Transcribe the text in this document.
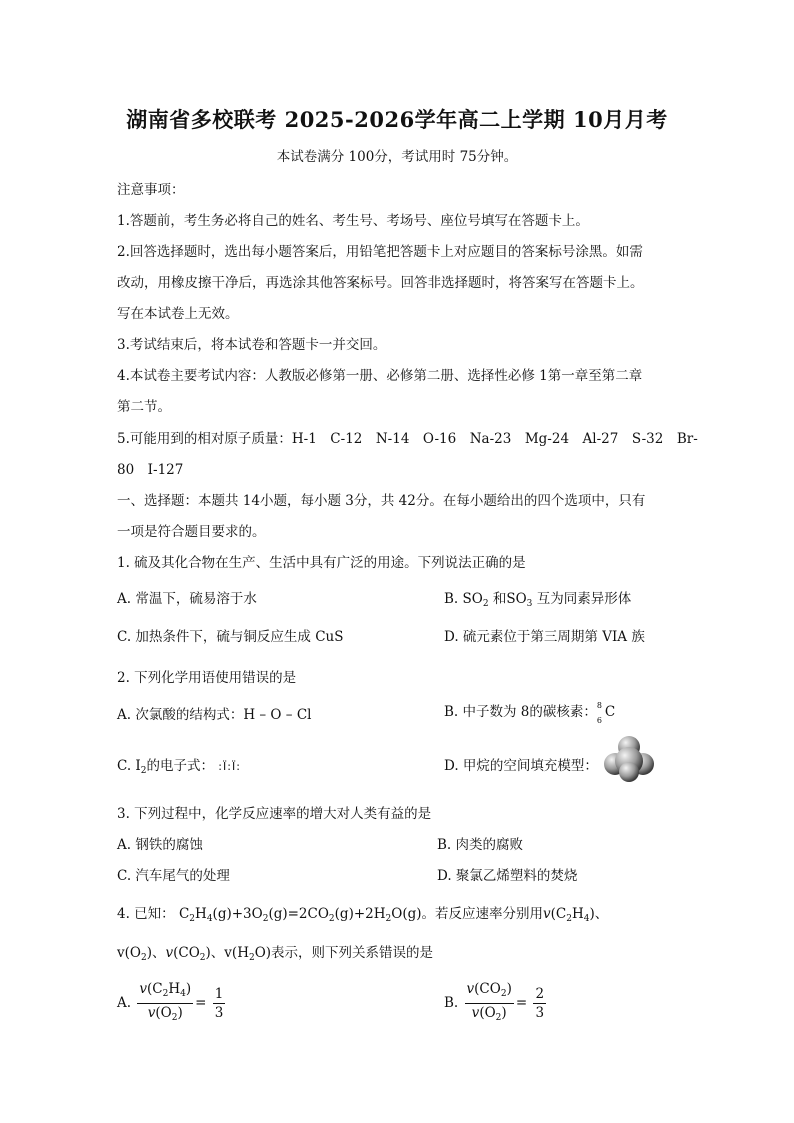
湖南省多校联考 2025-2026学年高二上学期 10月月考
本试卷满分 100分，考试用时 75分钟。
注意事项：
1.答题前，考生务必将自己的姓名、考生号、考场号、座位号填写在答题卡上。
2.回答选择题时，选出每小题答案后，用铅笔把答题卡上对应题目的答案标号涂黑。如需
改动，用橡皮擦干净后，再选涂其他答案标号。回答非选择题时，将答案写在答题卡上。
写在本试卷上无效。
3.考试结束后，将本试卷和答题卡一并交回。
4.本试卷主要考试内容：人教版必修第一册、必修第二册、选择性必修 1第一章至第二章
第二节。
5.可能用到的相对原子质量：H-1　C-12　N-14　O-16　Na-23　Mg-24　Al-27　S-32　Br-
80　I-127
一、选择题：本题共 14小题，每小题 3分，共 42分。在每小题给出的四个选项中，只有
一项是符合题目要求的。
1. 硫及其化合物在生产、生活中具有广泛的用途。下列说法正确的是
A. 常温下，硫易溶于水	B. $SO_2$ 和$SO_3$ 互为同素异形体
C. 加热条件下，硫与铜反应生成 CuS	D. 硫元素位于第三周期第 VIA 族
2. 下列化学用语使用错误的是
A. 次氯酸的结构式：H – O – Cl	B. 中子数为 8的碳核素： 8
6 C
C. $I_2$的电子式： :Ï:Ï:	D. 甲烷的空间填充模型：
3. 下列过程中，化学反应速率的增大对人类有益的是
A. 钢铁的腐蚀	B. 肉类的腐败
C. 汽车尾气的处理	D. 聚氯乙烯塑料的焚烧
4. 已知： $C_2H_4(g)+3O_2(g)=2CO_2(g)+2H_2O(g)$。若反应速率分别用$v(C_2H_4)$、
$v(O_2)$、$v(CO_2)$、$v(H_2O)$表示，则下列关系错误的是
A. $\frac{v(C_2H_4)}{v(O_2)} = \frac{1}{3}$	B. $\frac{v(CO_2)}{v(O_2)} = \frac{2}{3}$
